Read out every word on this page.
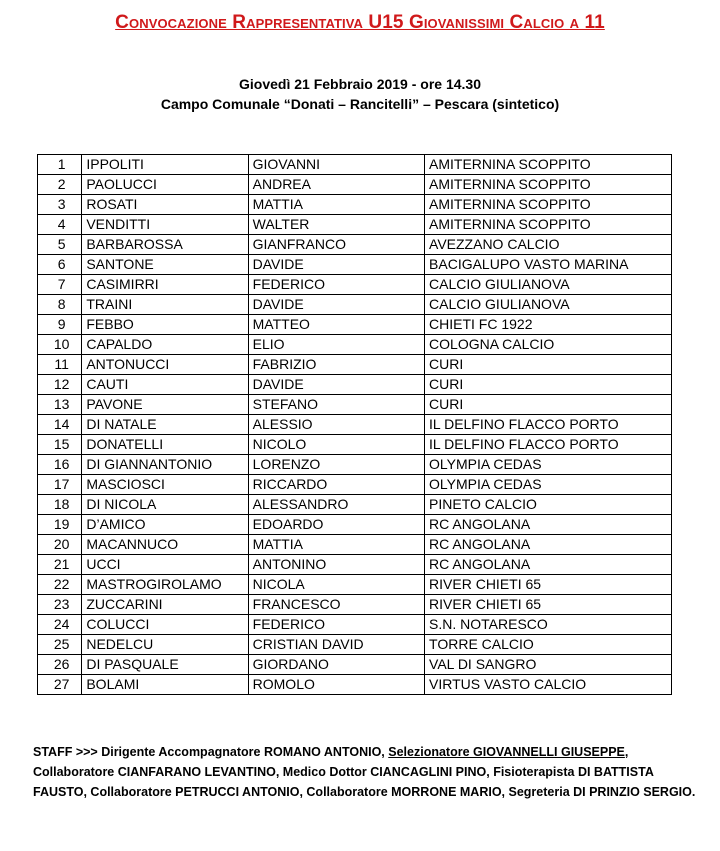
Convocazione Rappresentativa U15 Giovanissimi Calcio a 11
Giovedì 21 Febbraio 2019 - ore 14.30
Campo Comunale “Donati – Rancitelli” – Pescara (sintetico)
1	IPPOLITI	GIOVANNI	AMITERNINA SCOPPITO
2	PAOLUCCI	ANDREA	AMITERNINA SCOPPITO
3	ROSATI	MATTIA	AMITERNINA SCOPPITO
4	VENDITTI	WALTER	AMITERNINA SCOPPITO
5	BARBAROSSA	GIANFRANCO	AVEZZANO CALCIO
6	SANTONE	DAVIDE	BACIGALUPO VASTO MARINA
7	CASIMIRRI	FEDERICO	CALCIO GIULIANOVA
8	TRAINI	DAVIDE	CALCIO GIULIANOVA
9	FEBBO	MATTEO	CHIETI FC 1922
10	CAPALDO	ELIO	COLOGNA CALCIO
11	ANTONUCCI	FABRIZIO	CURI
12	CAUTI	DAVIDE	CURI
13	PAVONE	STEFANO	CURI
14	DI NATALE	ALESSIO	IL DELFINO FLACCO PORTO
15	DONATELLI	NICOLO	IL DELFINO FLACCO PORTO
16	DI GIANNANTONIO	LORENZO	OLYMPIA CEDAS
17	MASCIOSCI	RICCARDO	OLYMPIA CEDAS
18	DI NICOLA	ALESSANDRO	PINETO CALCIO
19	D’AMICO	EDOARDO	RC ANGOLANA
20	MACANNUCO	MATTIA	RC ANGOLANA
21	UCCI	ANTONINO	RC ANGOLANA
22	MASTROGIROLAMO	NICOLA	RIVER CHIETI 65
23	ZUCCARINI	FRANCESCO	RIVER CHIETI 65
24	COLUCCI	FEDERICO	S.N. NOTARESCO
25	NEDELCU	CRISTIAN DAVID	TORRE CALCIO
26	DI PASQUALE	GIORDANO	VAL DI SANGRO
27	BOLAMI	ROMOLO	VIRTUS VASTO CALCIO
STAFF >>> Dirigente Accompagnatore ROMANO ANTONIO, Selezionatore GIOVANNELLI GIUSEPPE, Collaboratore CIANFARANO LEVANTINO, Medico Dottor CIANCAGLINI PINO, Fisioterapista DI BATTISTA FAUSTO, Collaboratore PETRUCCI ANTONIO, Collaboratore MORRONE MARIO, Segreteria DI PRINZIO SERGIO.
